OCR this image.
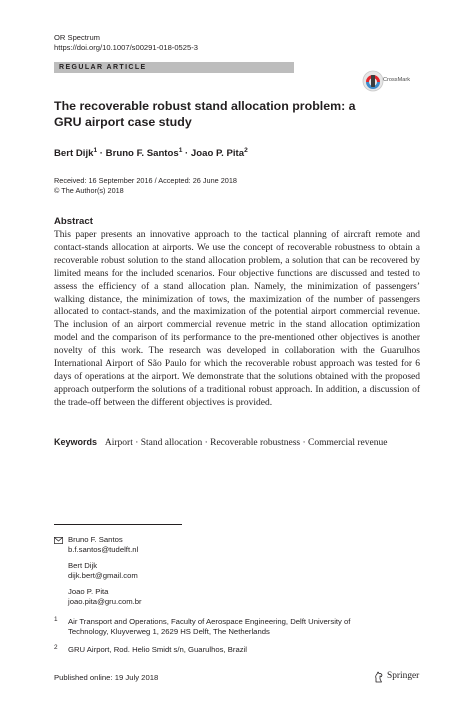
OR Spectrum
https://doi.org/10.1007/s00291-018-0525-3
REGULAR ARTICLE
CrossMark
The recoverable robust stand allocation problem: a GRU airport case study
Bert Dijk$^1$ · Bruno F. Santos$^1$ · Joao P. Pita$^2$
Received: 16 September 2016 / Accepted: 26 June 2018
© The Author(s) 2018
Abstract

This paper presents an innovative approach to the tactical planning of aircraft remote and contact-stands allocation at airports. We use the concept of recoverable robustness to obtain a recoverable robust solution to the stand allocation problem, a solution that can be recovered by limited means for the included scenarios. Four objective functions are discussed and tested to assess the efficiency of a stand allocation plan. Namely, the minimization of passengers’ walking distance, the minimization of tows, the maximization of the number of passengers allocated to contact-stands, and the maximization of the potential airport commercial revenue. The inclusion of an airport commercial revenue metric in the stand allocation optimization model and the comparison of its performance to the pre-mentioned other objectives is another novelty of this work. The research was developed in collaboration with the Guarulhos International Airport of São Paulo for which the recoverable robust approach was tested for 6 days of operations at the airport. We demonstrate that the solutions obtained with the proposed approach outperform the solutions of a traditional robust approach. In addition, a discussion of the trade-off between the different objectives is provided.

Keywords Airport · Stand allocation · Recoverable robustness · Commercial revenue
Bruno F. Santos
b.f.santos@tudelft.nl
Bert Dijk
dijk.bert@gmail.com
Joao P. Pita
joao.pita@gru.com.br
1 Air Transport and Operations, Faculty of Aerospace Engineering, Delft University of Technology, Kluyverweg 1, 2629 HS Delft, The Netherlands
2 GRU Airport, Rod. Helio Smidt s/n, Guarulhos, Brazil
Published online: 19 July 2018	Springer
